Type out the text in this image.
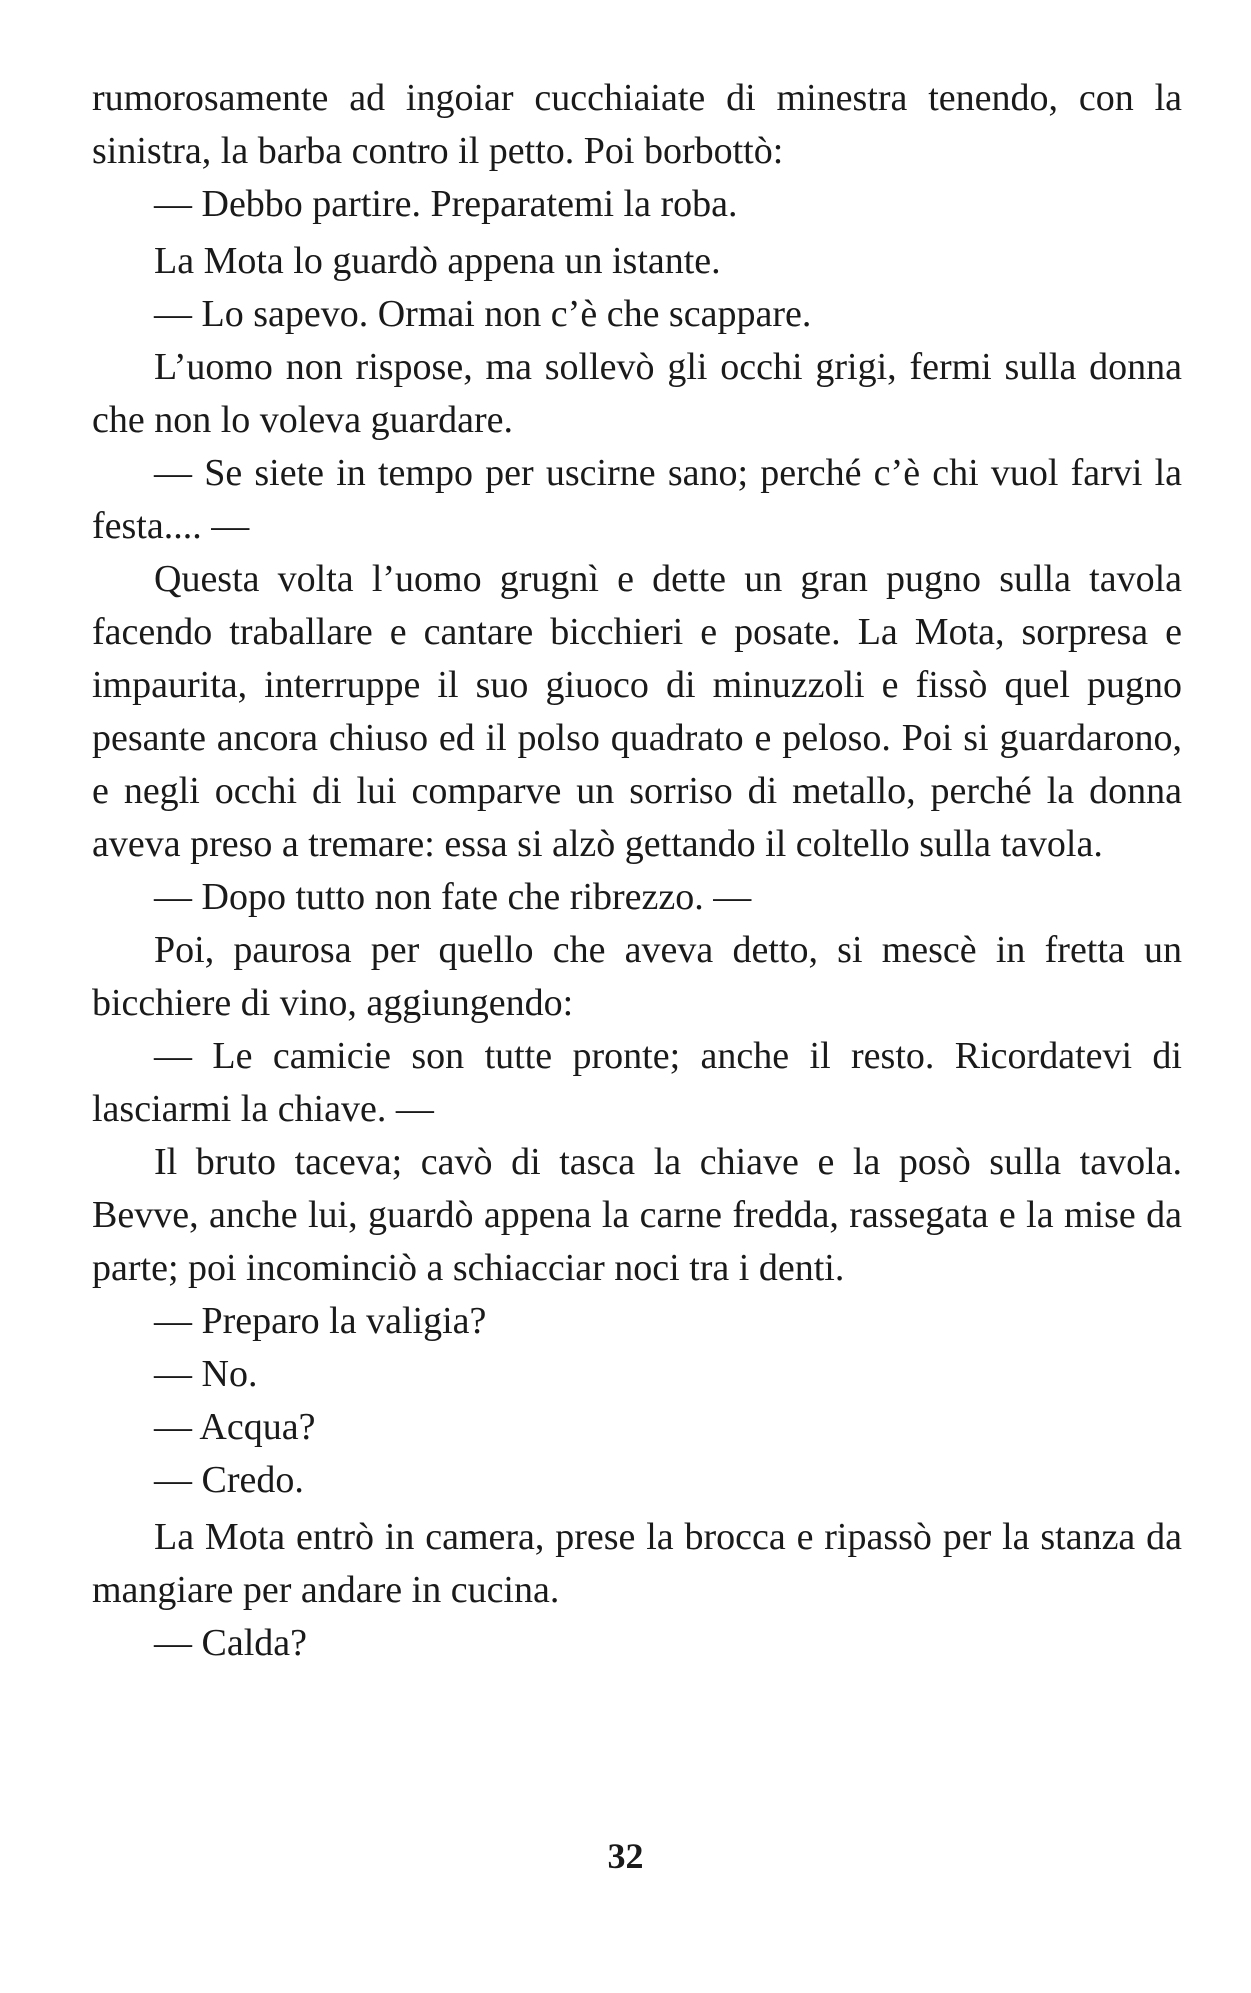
rumorosamente ad ingoiar cucchiaiate di minestra tenendo, con la sinistra, la barba contro il petto. Poi borbottò:

— Debbo partire. Preparatemi la roba.

La Mota lo guardò appena un istante.

— Lo sapevo. Ormai non c’è che scappare.

L’uomo non rispose, ma sollevò gli occhi grigi, fermi sulla donna che non lo voleva guardare.

— Se siete in tempo per uscirne sano; perché c’è chi vuol farvi la festa.... —

Questa volta l’uomo grugnì e dette un gran pugno sulla tavola facendo traballare e cantare bicchieri e posate. La Mota, sorpresa e impaurita, interruppe il suo giuoco di minuzzoli e fissò quel pugno pesante ancora chiuso ed il polso quadrato e peloso. Poi si guardarono, e negli occhi di lui comparve un sorriso di metallo, perché la donna aveva preso a tremare: essa si alzò gettando il coltello sulla tavola.

— Dopo tutto non fate che ribrezzo. —

Poi, paurosa per quello che aveva detto, si mescè in fretta un bicchiere di vino, aggiungendo:

— Le camicie son tutte pronte; anche il resto. Ricordatevi di lasciarmi la chiave. —

Il bruto taceva; cavò di tasca la chiave e la posò sulla tavola. Bevve, anche lui, guardò appena la carne fredda, rassegata e la mise da parte; poi incominciò a schiacciar noci tra i denti.

— Preparo la valigia?

— No.

— Acqua?

— Credo.

La Mota entrò in camera, prese la brocca e ripassò per la stanza da mangiare per andare in cucina.

— Calda?

32
